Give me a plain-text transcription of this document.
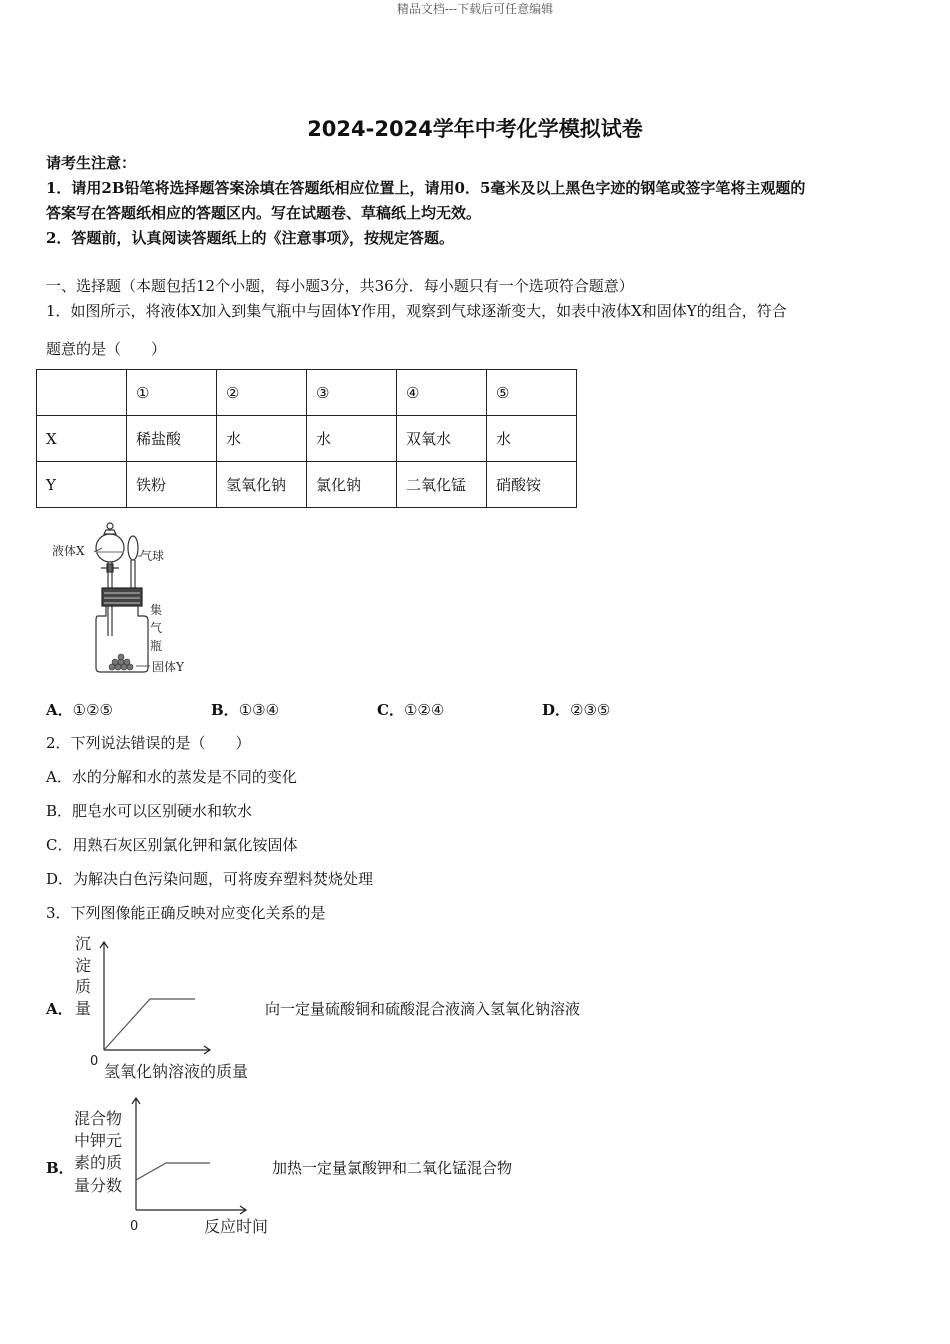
精品文档---下载后可任意编辑
2024-2024学年中考化学模拟试卷
请考生注意：
1．请用2B铅笔将选择题答案涂填在答题纸相应位置上，请用0．5毫米及以上黑色字迹的钢笔或签字笔将主观题的
答案写在答题纸相应的答题区内。写在试题卷、草稿纸上均无效。
2．答题前，认真阅读答题纸上的《注意事项》，按规定答题。
一、选择题（本题包括12个小题，每小题3分，共36分．每小题只有一个选项符合题意）
1．如图所示，将液体X加入到集气瓶中与固体Y作用，观察到气球逐渐变大，如表中液体X和固体Y的组合，符合
题意的是（　　）
	①	②	③	④	⑤
X	稀盐酸	水	水	双氧水	水
Y	铁粉	氢氧化钠	氯化钠	二氧化锰	硝酸铵
液体X	气球
集
气
瓶
固体Y
A．①②⑤	B．①③④	C．①②④	D．②③⑤
2．下列说法错误的是（　　）
A．水的分解和水的蒸发是不同的变化
B．肥皂水可以区别硬水和软水
C．用熟石灰区别氯化钾和氯化铵固体
D．为解决白色污染问题，可将废弃塑料焚烧处理
3．下列图像能正确反映对应变化关系的是
A．
沉
淀
质
量
0
氢氧化钠溶液的质量
向一定量硫酸铜和硫酸混合液滴入氢氧化钠溶液
B．
混合物
中钾元
素的质
量分数
0	反应时间
加热一定量氯酸钾和二氧化锰混合物
